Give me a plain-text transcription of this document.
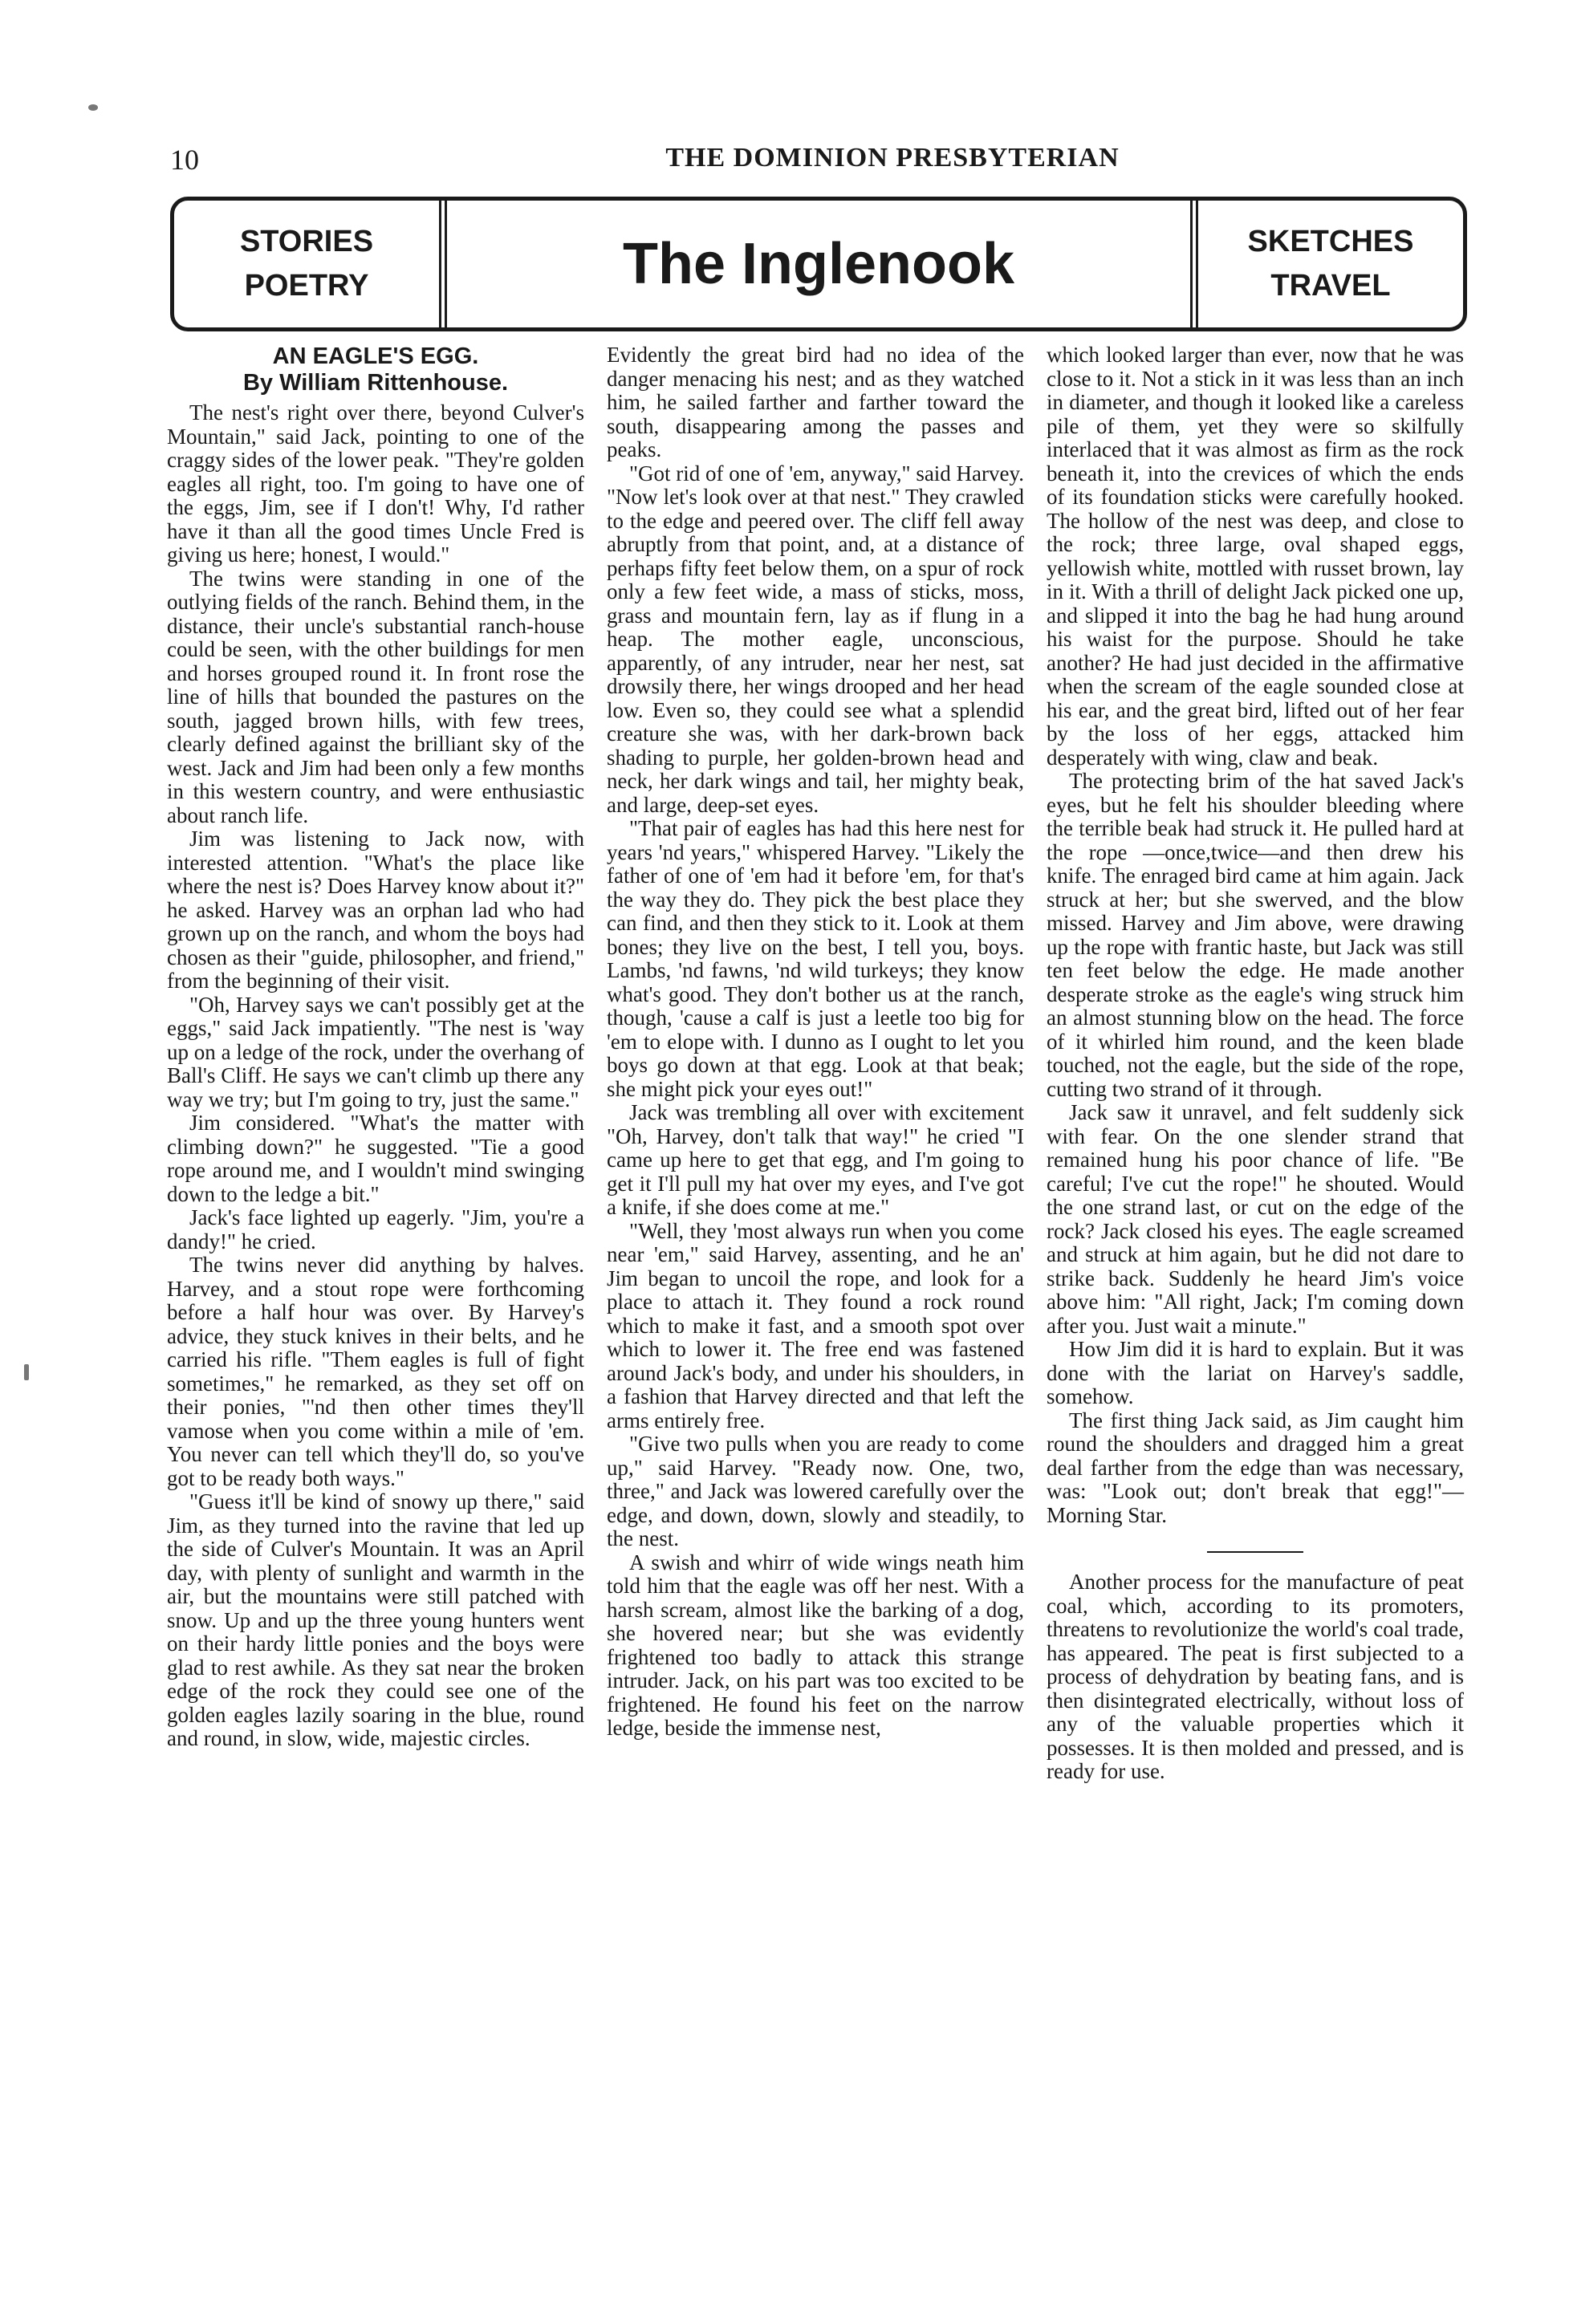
10	THE DOMINION PRESBYTERIAN
STORIES
POETRY	The Inglenook	SKETCHES
TRAVEL
AN EAGLE'S EGG.
By William Rittenhouse.

The nest's right over there, beyond Culver's Mountain," said Jack, pointing to one of the craggy sides of the lower peak. "They're golden eagles all right, too. I'm going to have one of the eggs, Jim, see if I don't! Why, I'd rather have it than all the good times Uncle Fred is giving us here; honest, I would."

The twins were standing in one of the outlying fields of the ranch. Behind them, in the distance, their uncle's substantial ranch-house could be seen, with the other buildings for men and horses grouped round it. In front rose the line of hills that bounded the pastures on the south, jagged brown hills, with few trees, clearly defined against the brilliant sky of the west. Jack and Jim had been only a few months in this western country, and were enthusiastic about ranch life.

Jim was listening to Jack now, with interested attention. "What's the place like where the nest is? Does Harvey know about it?" he asked. Harvey was an orphan lad who had grown up on the ranch, and whom the boys had chosen as their "guide, philosopher, and friend," from the beginning of their visit.

"Oh, Harvey says we can't possibly get at the eggs," said Jack impatiently. "The nest is 'way up on a ledge of the rock, under the overhang of Ball's Cliff. He says we can't climb up there any way we try; but I'm going to try, just the same."

Jim considered. "What's the matter with climbing down?" he suggested. "Tie a good rope around me, and I wouldn't mind swinging down to the ledge a bit."

Jack's face lighted up eagerly. "Jim, you're a dandy!" he cried.

The twins never did anything by halves. Harvey, and a stout rope were forthcoming before a half hour was over. By Harvey's advice, they stuck knives in their belts, and he carried his rifle. "Them eagles is full of fight sometimes," he remarked, as they set off on their ponies, "'nd then other times they'll vamose when you come within a mile of 'em. You never can tell which they'll do, so you've got to be ready both ways."

"Guess it'll be kind of snowy up there," said Jim, as they turned into the ravine that led up the side of Culver's Mountain. It was an April day, with plenty of sunlight and warmth in the air, but the mountains were still patched with snow. Up and up the three young hunters went on their hardy little ponies and the boys were glad to rest awhile. As they sat near the broken edge of the rock they could see one of the golden eagles lazily soaring in the blue, round and round, in slow, wide, majestic circles.

Evidently the great bird had no idea of the danger menacing his nest; and as they watched him, he sailed farther and farther toward the south, disappearing among the passes and peaks.

"Got rid of one of 'em, anyway," said Harvey. "Now let's look over at that nest." They crawled to the edge and peered over. The cliff fell away abruptly from that point, and, at a distance of perhaps fifty feet below them, on a spur of rock only a few feet wide, a mass of sticks, moss, grass and mountain fern, lay as if flung in a heap. The mother eagle, unconscious, apparently, of any intruder, near her nest, sat drowsily there, her wings drooped and her head low. Even so, they could see what a splendid creature she was, with her dark-brown back shading to purple, her golden-brown head and neck, her dark wings and tail, her mighty beak, and large, deep-set eyes.

"That pair of eagles has had this here nest for years 'nd years," whispered Harvey. "Likely the father of one of 'em had it before 'em, for that's the way they do. They pick the best place they can find, and then they stick to it. Look at them bones; they live on the best, I tell you, boys. Lambs, 'nd fawns, 'nd wild turkeys; they know what's good. They don't bother us at the ranch, though, 'cause a calf is just a leetle too big for 'em to elope with. I dunno as I ought to let you boys go down at that egg. Look at that beak; she might pick your eyes out!"

Jack was trembling all over with excitement "Oh, Harvey, don't talk that way!" he cried "I came up here to get that egg, and I'm going to get it I'll pull my hat over my eyes, and I've got a knife, if she does come at me."

"Well, they 'most always run when you come near 'em," said Harvey, assenting, and he an' Jim began to uncoil the rope, and look for a place to attach it. They found a rock round which to make it fast, and a smooth spot over which to lower it. The free end was fastened around Jack's body, and under his shoulders, in a fashion that Harvey directed and that left the arms entirely free.

"Give two pulls when you are ready to come up," said Harvey. "Ready now. One, two, three," and Jack was lowered carefully over the edge, and down, down, slowly and steadily, to the nest.

A swish and whirr of wide wings neath him told him that the eagle was off her nest. With a harsh scream, almost like the barking of a dog, she hovered near; but she was evidently frightened too badly to attack this strange intruder. Jack, on his part was too excited to be frightened. He found his feet on the narrow ledge, beside the immense nest,

which looked larger than ever, now that he was close to it. Not a stick in it was less than an inch in diameter, and though it looked like a careless pile of them, yet they were so skilfully interlaced that it was almost as firm as the rock beneath it, into the crevices of which the ends of its foundation sticks were carefully hooked. The hollow of the nest was deep, and close to the rock; three large, oval shaped eggs, yellowish white, mottled with russet brown, lay in it. With a thrill of delight Jack picked one up, and slipped it into the bag he had hung around his waist for the purpose. Should he take another? He had just decided in the affirmative when the scream of the eagle sounded close at his ear, and the great bird, lifted out of her fear by the loss of her eggs, attacked him desperately with wing, claw and beak.

The protecting brim of the hat saved Jack's eyes, but he felt his shoulder bleeding where the terrible beak had struck it. He pulled hard at the rope —once,twice—and then drew his knife. The enraged bird came at him again. Jack struck at her; but she swerved, and the blow missed. Harvey and Jim above, were drawing up the rope with frantic haste, but Jack was still ten feet below the edge. He made another desperate stroke as the eagle's wing struck him an almost stunning blow on the head. The force of it whirled him round, and the keen blade touched, not the eagle, but the side of the rope, cutting two strand of it through.

Jack saw it unravel, and felt suddenly sick with fear. On the one slender strand that remained hung his poor chance of life. "Be careful; I've cut the rope!" he shouted. Would the one strand last, or cut on the edge of the rock? Jack closed his eyes. The eagle screamed and struck at him again, but he did not dare to strike back. Suddenly he heard Jim's voice above him: "All right, Jack; I'm coming down after you. Just wait a minute."

How Jim did it is hard to explain. But it was done with the lariat on Harvey's saddle, somehow.

The first thing Jack said, as Jim caught him round the shoulders and dragged him a great deal farther from the edge than was necessary, was: "Look out; don't break that egg!"—Morning Star.

Another process for the manufacture of peat coal, which, according to its promoters, threatens to revolutionize the world's coal trade, has appeared. The peat is first subjected to a process of dehydration by beating fans, and is then disintegrated electrically, without loss of any of the valuable properties which it possesses. It is then molded and pressed, and is ready for use.
